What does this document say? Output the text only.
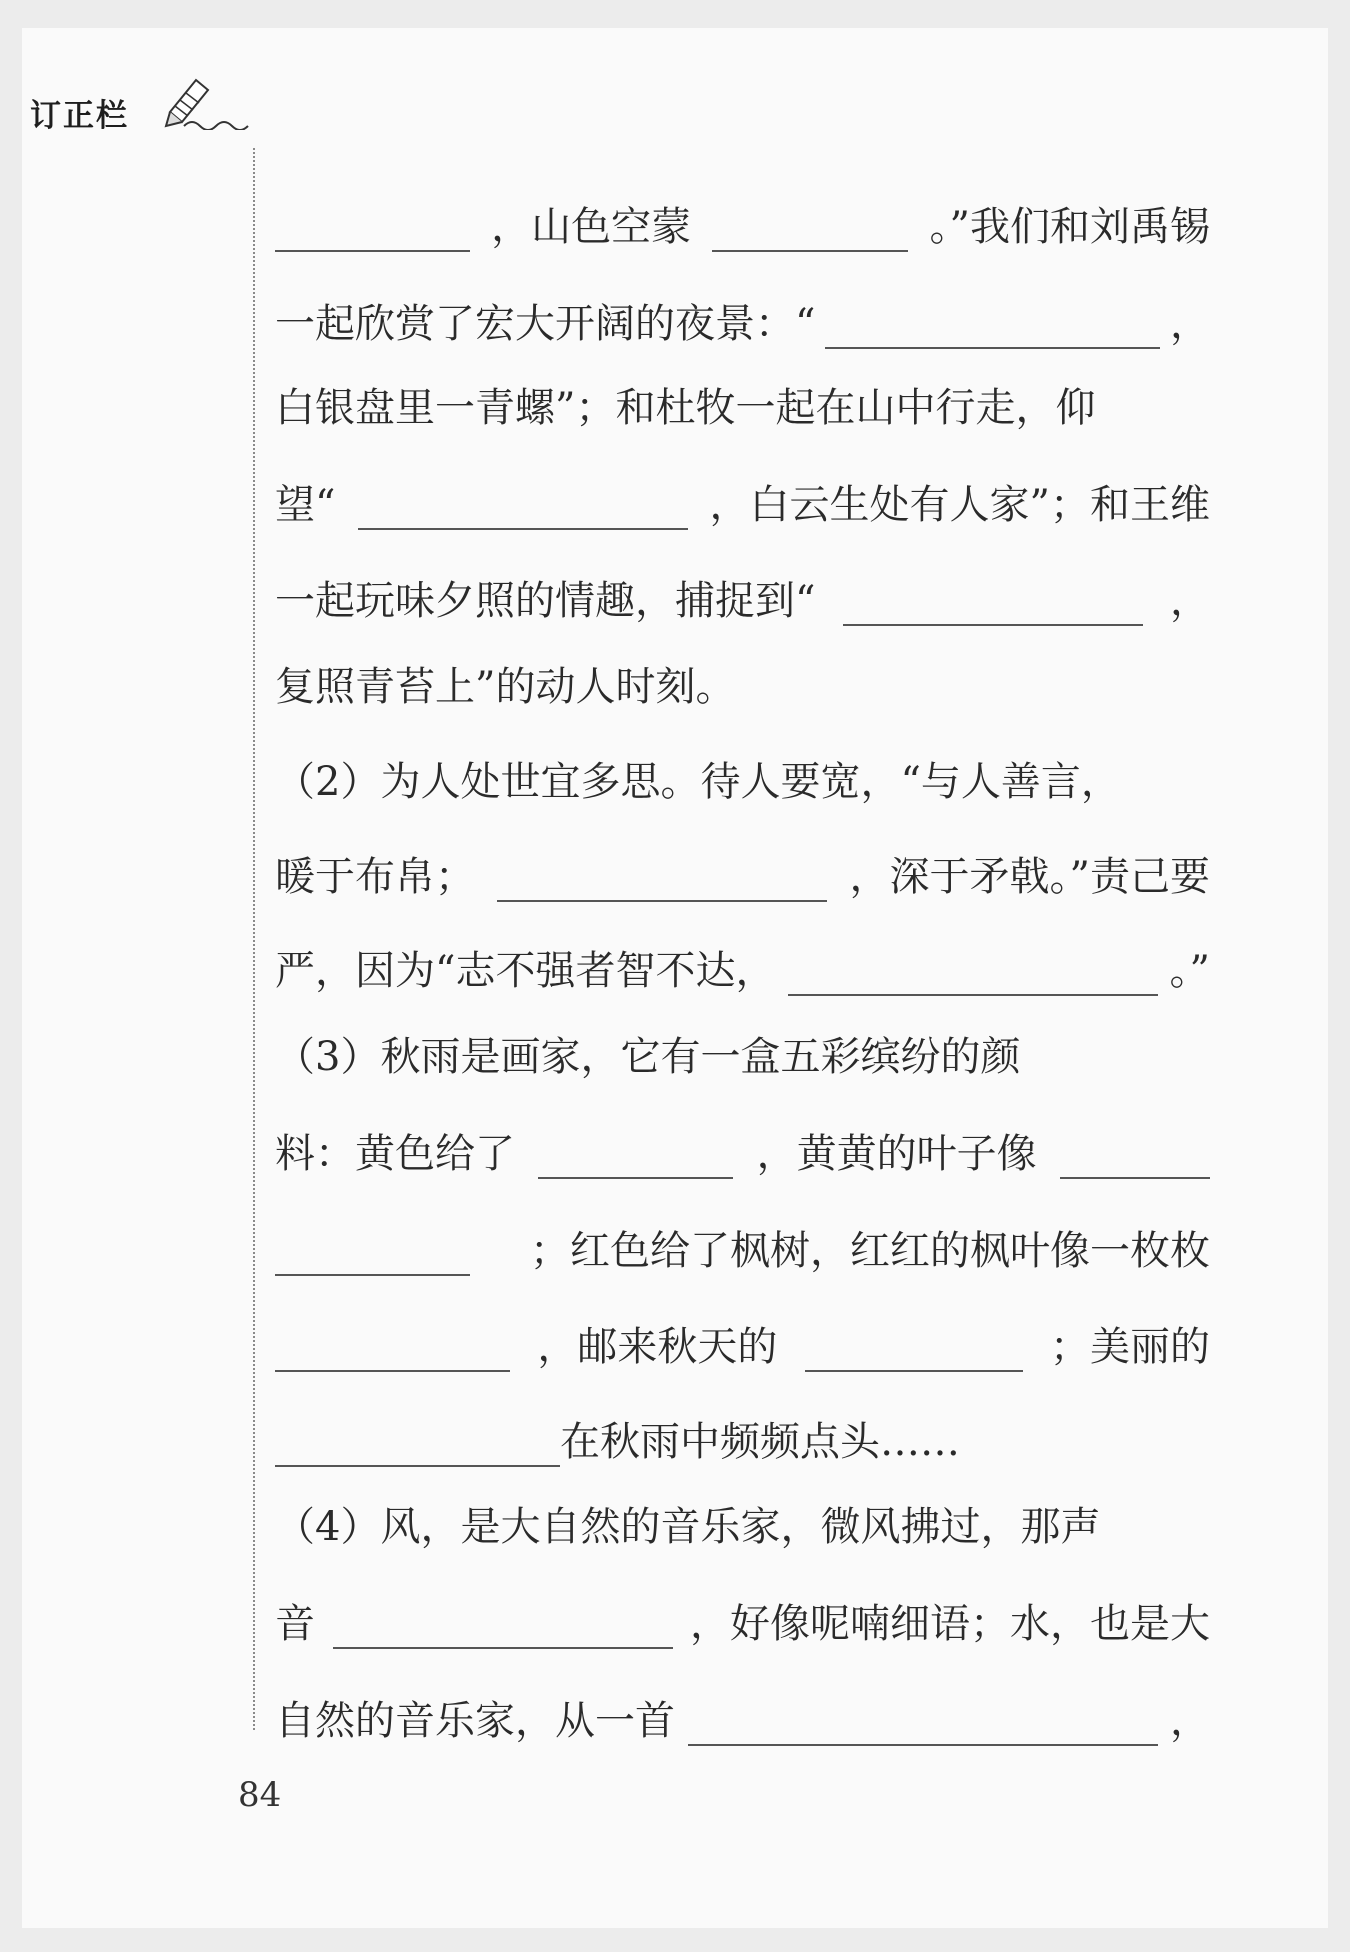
订正栏
，山色空蒙	。”我们和刘禹锡
一起欣赏了宏大开阔的夜景：“	，
白银盘里一青螺”；和杜牧一起在山中行走，仰
望“	，白云生处有人家”；和王维
一起玩味夕照的情趣，捕捉到“	，
复照青苔上”的动人时刻。
（2）为人处世宜多思。待人要宽，“与人善言，
暖于布帛；	，深于矛戟。”责己要
严，因为“志不强者智不达，	。”
（3）秋雨是画家，它有一盒五彩缤纷的颜
料：黄色给了	，黄黄的叶子像
；红色给了枫树，红红的枫叶像一枚枚
，邮来秋天的	；美丽的
在秋雨中频频点头……
（4）风，是大自然的音乐家，微风拂过，那声
音	，好像呢喃细语；水，也是大
自然的音乐家，从一首	，
84
